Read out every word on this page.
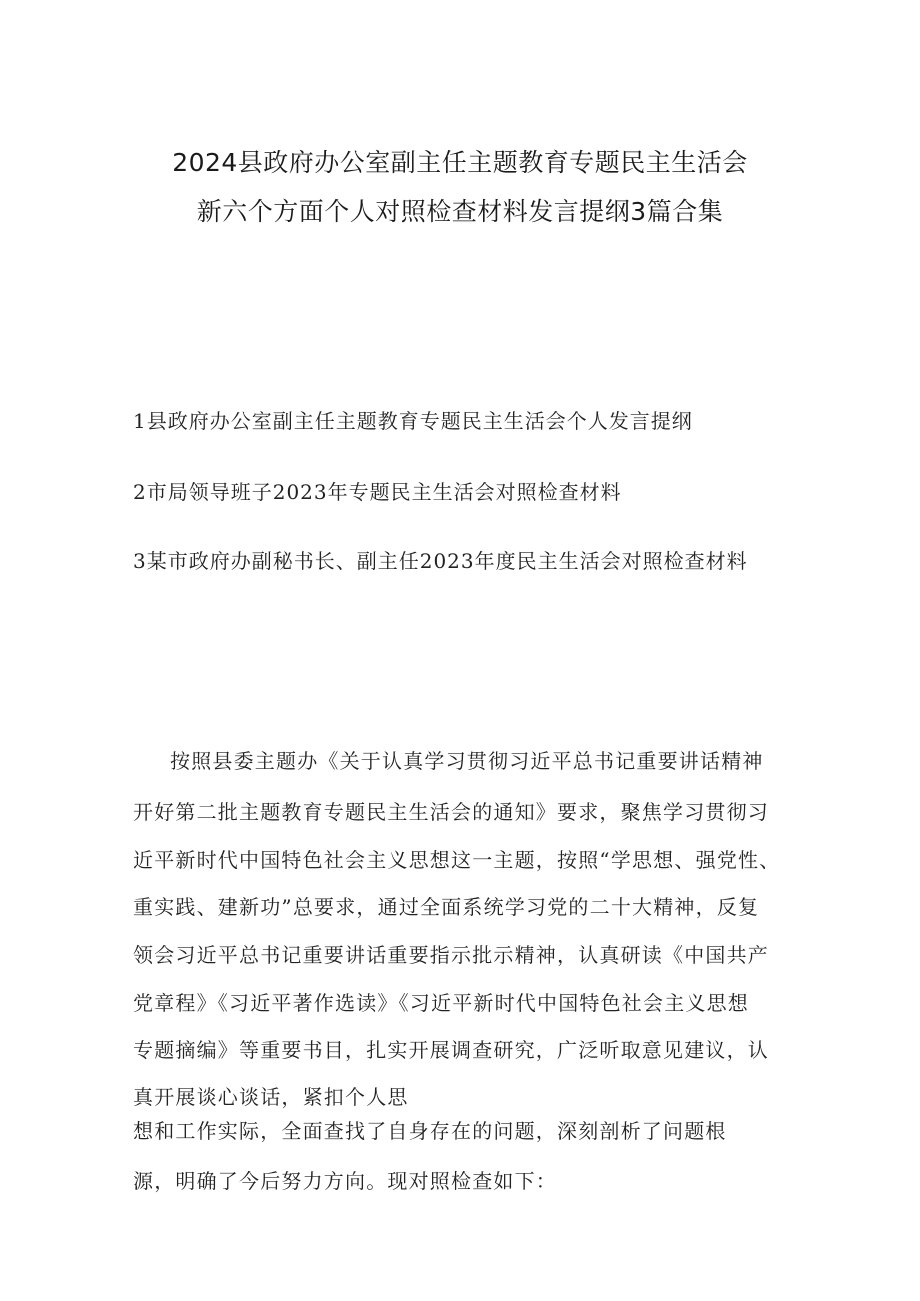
2024县政府办公室副主任主题教育专题民主生活会
新六个方面个人对照检查材料发言提纲3篇合集
1县政府办公室副主任主题教育专题民主生活会个人发言提纲
2市局领导班子2023年专题民主生活会对照检查材料
3某市政府办副秘书长、副主任2023年度民主生活会对照检查材料
按照县委主题办《关于认真学习贯彻习近平总书记重要讲话精神
开好第二批主题教育专题民主生活会的通知》要求，聚焦学习贯彻习
近平新时代中国特色社会主义思想这一主题，按照“学思想、强党性、
重实践、建新功”总要求，通过全面系统学习党的二十大精神，反复
领会习近平总书记重要讲话重要指示批示精神，认真研读《中国共产
党章程》《习近平著作选读》《习近平新时代中国特色社会主义思想
专题摘编》等重要书目，扎实开展调查研究，广泛听取意见建议，认
真开展谈心谈话，紧扣个人思
想和工作实际，全面查找了自身存在的问题，深刻剖析了问题根
源，明确了今后努力方向。现对照检查如下：
